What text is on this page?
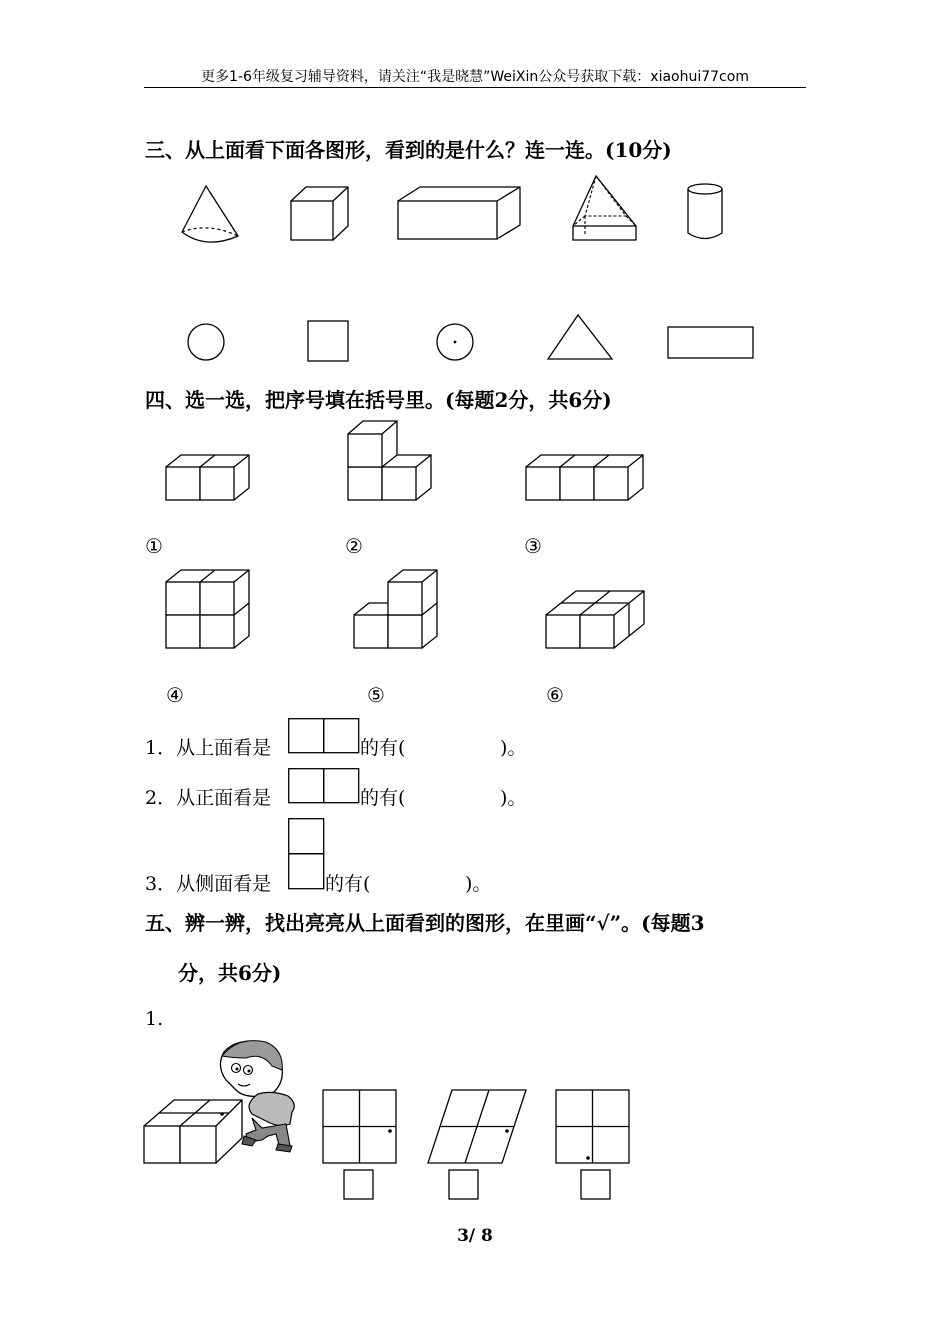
更多1-6年级复习辅导资料，请关注“我是晓慧”WeiXin公众号获取下载：xiaohui77com
三、从上面看下面各图形，看到的是什么？连一连。(10分)
四、选一选，把序号填在括号里。(每题2分，共6分)
①	②	③
④	⑤	⑥
1．从上面看是	的有(	)。
2．从正面看是	的有(	)。
3．从侧面看是	的有(	)。
五、辨一辨，找出亮亮从上面看到的图形，在里画“√”。(每题3
分，共6分)
1.
3/ 8
